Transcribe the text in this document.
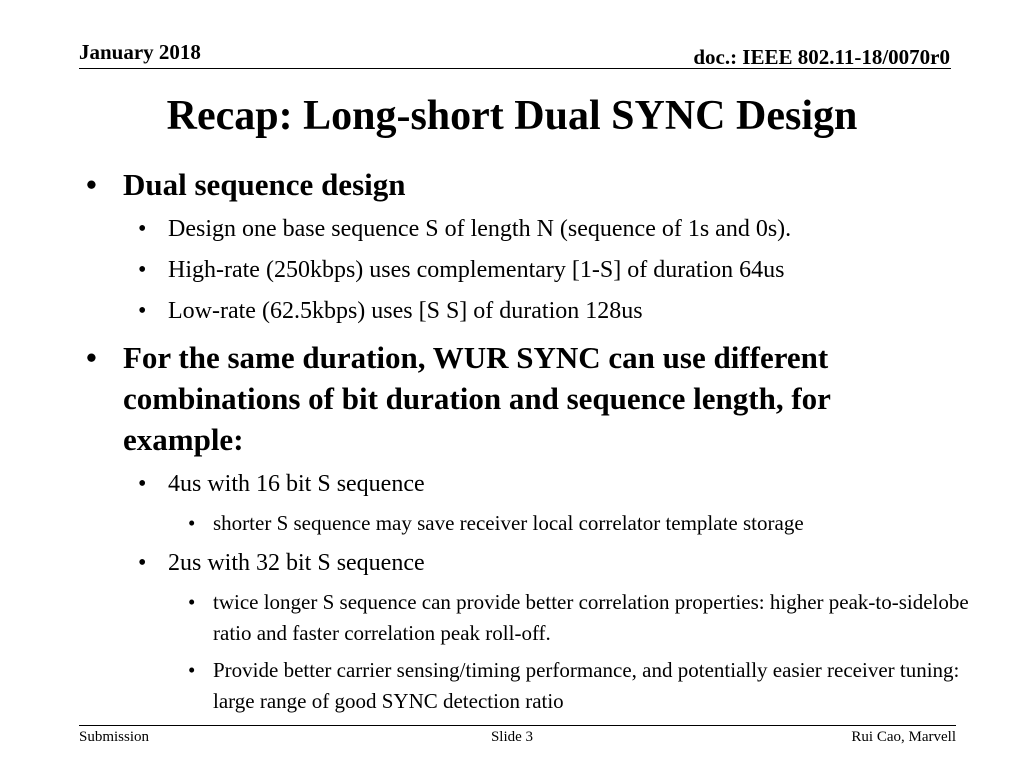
January 2018	doc.: IEEE 802.11-18/0070r0
Recap: Long-short Dual SYNC Design
• Dual sequence design
• Design one base sequence S of length N (sequence of 1s and 0s).
• High-rate (250kbps) uses complementary [1-S] of duration 64us
• Low-rate (62.5kbps) uses [S S] of duration 128us
• For the same duration, WUR SYNC can use different combinations of bit duration and sequence length, for example:
• 4us with 16 bit S sequence
• shorter S sequence may save receiver local correlator template storage
• 2us with 32 bit S sequence
• twice longer S sequence can provide better correlation properties: higher peak-to-sidelobe ratio and faster correlation peak roll-off.
• Provide better carrier sensing/timing performance, and potentially easier receiver tuning: large range of good SYNC detection ratio
Submission	Slide 3	Rui Cao, Marvell
